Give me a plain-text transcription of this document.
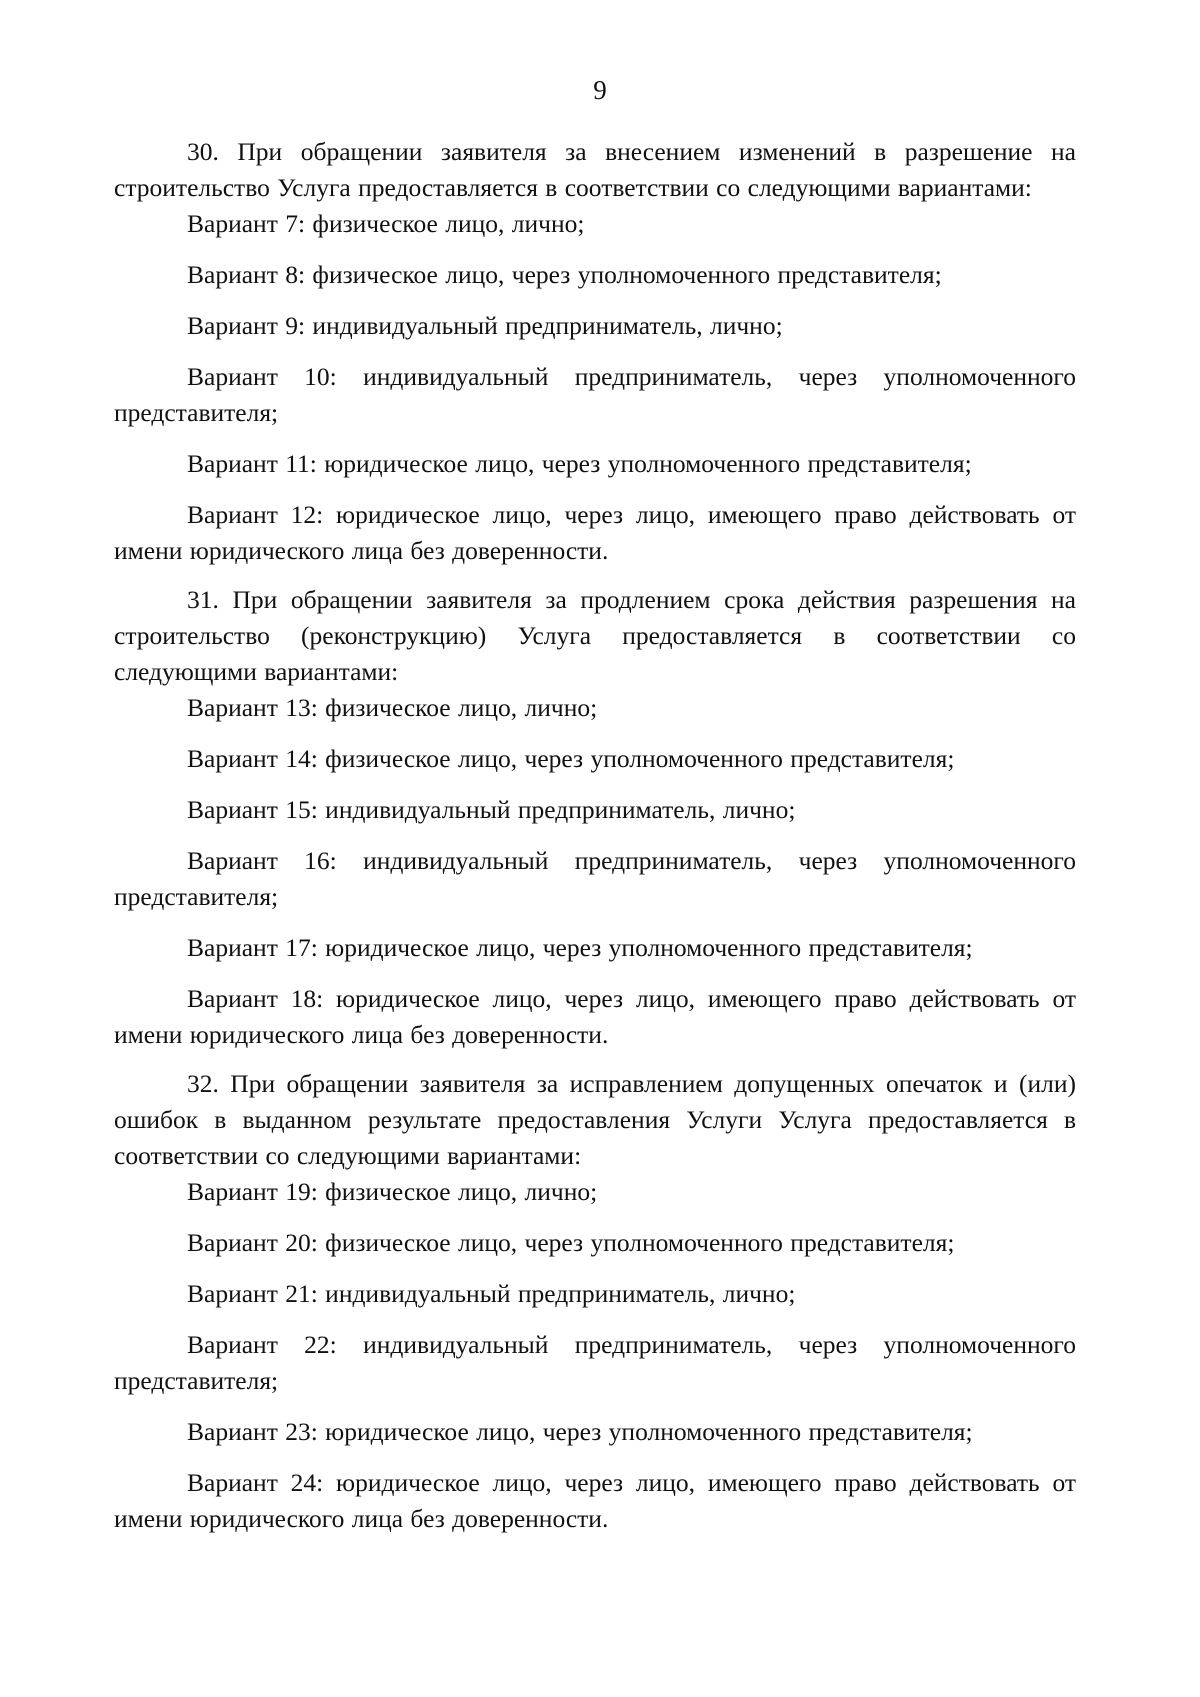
9

30. При обращении заявителя за внесением изменений в разрешение на строительство Услуга предоставляется в соответствии со следующими вариантами:

Вариант 7: физическое лицо, лично;

Вариант 8: физическое лицо, через уполномоченного представителя;

Вариант 9: индивидуальный предприниматель, лично;

Вариант 10: индивидуальный предприниматель, через уполномоченного представителя;

Вариант 11: юридическое лицо, через уполномоченного представителя;

Вариант 12: юридическое лицо, через лицо, имеющего право действовать от имени юридического лица без доверенности.

31. При обращении заявителя за продлением срока действия разрешения на строительство (реконструкцию) Услуга предоставляется в соответствии со следующими вариантами:

Вариант 13: физическое лицо, лично;

Вариант 14: физическое лицо, через уполномоченного представителя;

Вариант 15: индивидуальный предприниматель, лично;

Вариант 16: индивидуальный предприниматель, через уполномоченного представителя;

Вариант 17: юридическое лицо, через уполномоченного представителя;

Вариант 18: юридическое лицо, через лицо, имеющего право действовать от имени юридического лица без доверенности.

32. При обращении заявителя за исправлением допущенных опечаток и (или) ошибок в выданном результате предоставления Услуги Услуга предоставляется в соответствии со следующими вариантами:

Вариант 19: физическое лицо, лично;

Вариант 20: физическое лицо, через уполномоченного представителя;

Вариант 21: индивидуальный предприниматель, лично;

Вариант 22: индивидуальный предприниматель, через уполномоченного представителя;

Вариант 23: юридическое лицо, через уполномоченного представителя;

Вариант 24: юридическое лицо, через лицо, имеющего право действовать от имени юридического лица без доверенности.
